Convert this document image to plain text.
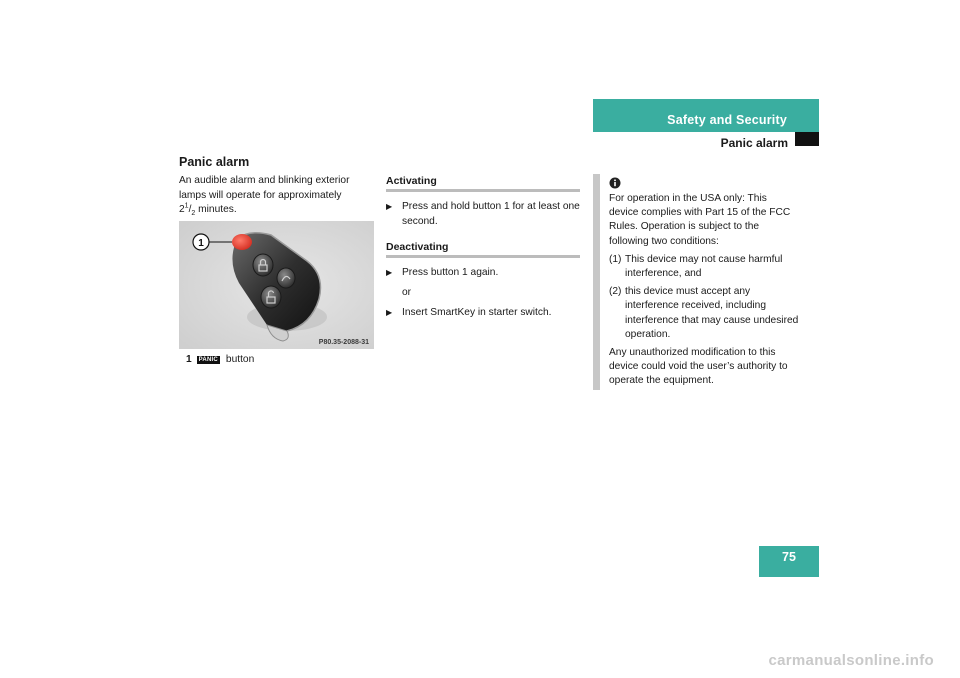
Safety and Security
Panic alarm
Panic alarm
An audible alarm and blinking exterior
lamps will operate for approximately
$2^1/_2$ minutes.
1
P80.35-2088-31
1	PANIC button
Activating
▶ Press and hold button 1 for at least one second.
Deactivating
▶ Press button 1 again.
or
▶ Insert SmartKey in starter switch.

For operation in the USA only: This device complies with Part 15 of the FCC Rules. Operation is subject to the following two conditions:

(1) This device may not cause harmful interference, and
(2) this device must accept any interference received, including interference that may cause undesired operation.

Any unauthorized modification to this device could void the user’s authority to operate the equipment.

75
carmanualsonline.info
